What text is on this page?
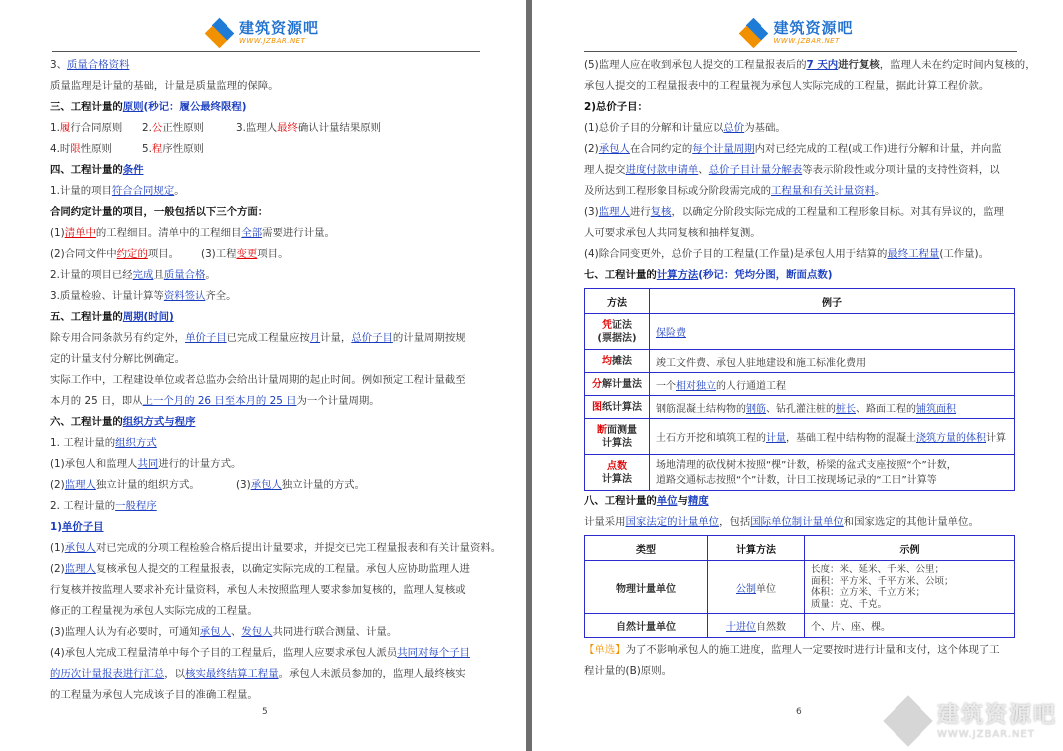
建筑资源吧
WWW.JZBAR.NET
3、质量合格资料
质量监理是计量的基础，计量是质量监理的保障。
三、工程计量的原则(秒记：履公最终限程)
1.履行合同原则 2.公正性原则	3.监理人最终确认计量结果原则
4.时限性原则	5.程序性原则
四、工程计量的条件
1.计量的项目符合合同规定。
合同约定计量的项目，一般包括以下三个方面：
(1)清单中的工程细目。清单中的工程细目全部需要进行计量。
(2)合同文件中约定的项目。 (3)工程变更项目。
2.计量的项目已经完成且质量合格。
3.质量检验、计量计算等资料签认齐全。
五、工程计量的周期(时间)
除专用合同条款另有约定外，单价子目已完成工程量应按月计量，总价子目的计量周期按规
定的计量支付分解比例确定。
实际工作中，工程建设单位或者总监办会给出计量周期的起止时间。例如预定工程计量截至
本月的 25 日，即从上一个月的 26 日至本月的 25 日为一个计量周期。
六、工程计量的组织方式与程序
1. 工程计量的组织方式
(1)承包人和监理人共同进行的计量方式。
(2)监理人独立计量的组织方式。	(3)承包人独立计量的方式。
2. 工程计量的一般程序
1)单价子目
(1)承包人对已完成的分项工程检验合格后提出计量要求，并提交已完工程量报表和有关计量资料。
(2)监理人复核承包人提交的工程量报表，以确定实际完成的工程量。承包人应协助监理人进
行复核并按监理人要求补充计量资料，承包人未按照监理人要求参加复核的，监理人复核或
修正的工程量视为承包人实际完成的工程量。
(3)监理人认为有必要时，可通知承包人、发包人共同进行联合测量、计量。
(4)承包人完成工程量清单中每个子目的工程量后，监理人应要求承包人派员共同对每个子目
的历次计量报表进行汇总，以核实最终结算工程量。承包人未派员参加的，监理人最终核实
的工程量为承包人完成该子目的准确工程量。
5
建筑资源吧
WWW.JZBAR.NET
(5)监理人应在收到承包人提交的工程量报表后的7 天内进行复核，监理人未在约定时间内复核的，
承包人提交的工程量报表中的工程量视为承包人实际完成的工程量，据此计算工程价款。
2)总价子目：
(1)总价子目的分解和计量应以总价为基础。
(2)承包人在合同约定的每个计量周期内对已经完成的工程(或工作)进行分解和计量，并向监
理人提交进度付款申请单、总价子目计量分解表等表示阶段性或分项计量的支持性资料，以
及所达到工程形象目标或分阶段需完成的工程量和有关计量资料。
(3)监理人进行复核，以确定分阶段实际完成的工程量和工程形象目标。对其有异议的，监理
人可要求承包人共同复核和抽样复测。
(4)除合同变更外，总价子目的工程量(工作量)是承包人用于结算的最终工程量(工作量)。
七、工程计量的计算方法(秒记：凭均分图，断面点数)
方法	例子
凭证法
(票据法)	保险费
均摊法	竣工文件费、承包人驻地建设和施工标准化费用
分解计量法	一个相对独立的人行通道工程
图纸计算法	钢筋混凝土结构物的钢筋、钻孔灌注桩的桩长、路面工程的铺筑面积
断面测量
计算法	土石方开挖和填筑工程的计量，基础工程中结构物的混凝土浇筑方量的体积计算
点数
计算法	场地清理的砍伐树木按照“棵”计数，桥梁的盆式支座按照“个”计数，
道路交通标志按照“个”计数，计日工按现场记录的“工日”计算等
八、工程计量的单位与精度
计量采用国家法定的计量单位，包括国际单位制计量单位和国家选定的其他计量单位。
类型	计算方法	示例
物理计量单位	公制单位	长度：米、延米、千米、公里；
面积：平方米、千平方米、公顷；
体积：立方米、千立方米；
质量：克、千克。

自然计量单位	十进位自然数	个、片、座、棵。
【单选】为了不影响承包人的施工进度，监理人一定要按时进行计量和支付，这个体现了工
程计量的(B)原则。
6	建筑资源吧
WWW.JZBAR.NET
